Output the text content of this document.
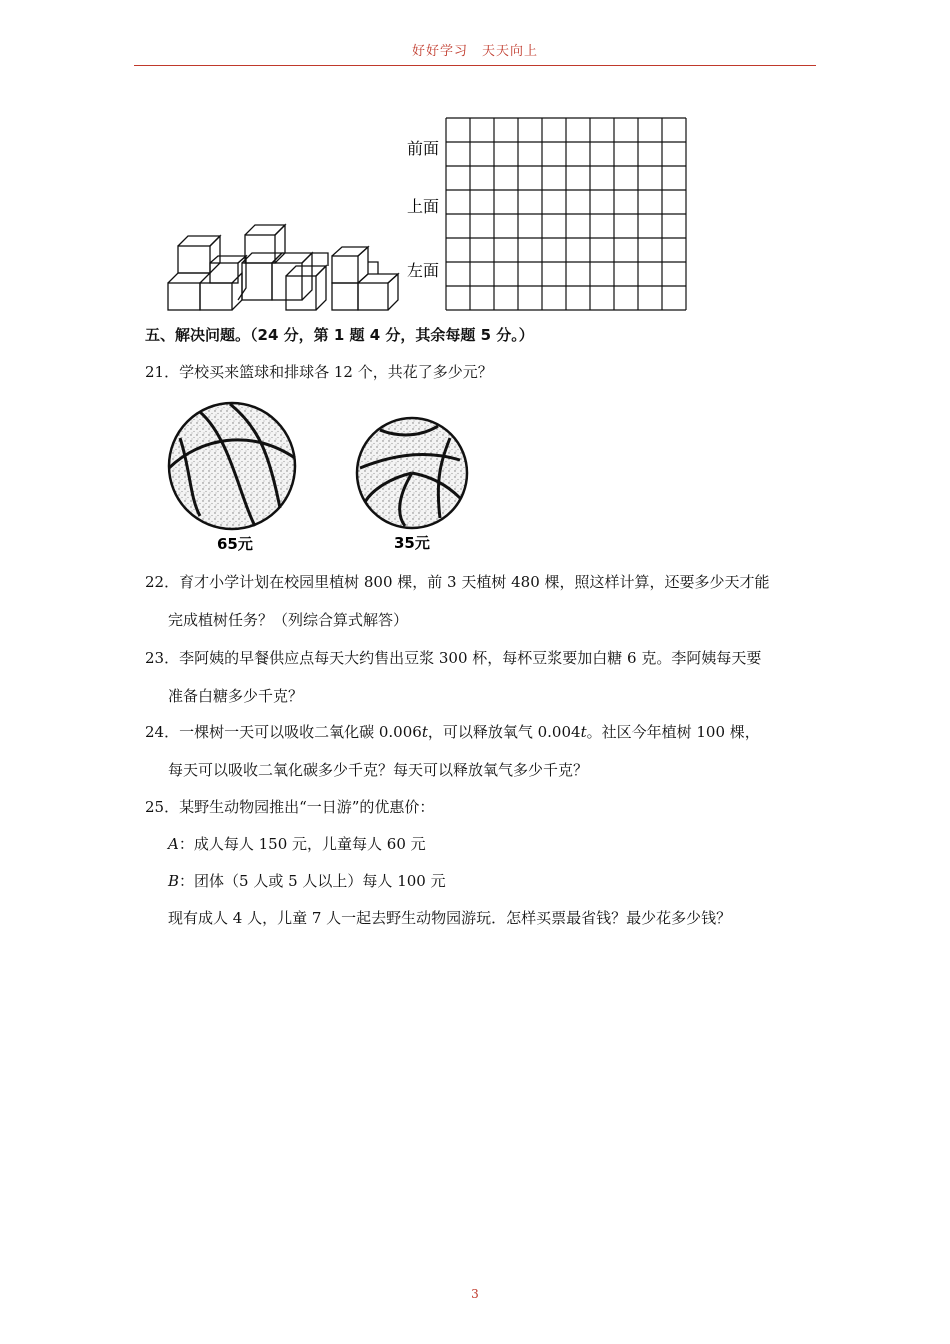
好好学习　天天向上
前面
上面
左面
五、解决问题。（24 分，第 1 题 4 分，其余每题 5 分。）
21．学校买来篮球和排球各 12 个，共花了多少元？
65元	35元
22．育才小学计划在校园里植树 800 棵，前 3 天植树 480 棵，照这样计算，还要多少天才能
完成植树任务？（列综合算式解答）
23．李阿姨的早餐供应点每天大约售出豆浆 300 杯，每杯豆浆要加白糖 6 克。李阿姨每天要
准备白糖多少千克？
24．一棵树一天可以吸收二氧化碳 0.006t，可以释放氧气 0.004t。社区今年植树 100 棵，
每天可以吸收二氧化碳多少千克？每天可以释放氧气多少千克？
25．某野生动物园推出“一日游”的优惠价：
A：成人每人 150 元，儿童每人 60 元
B：团体（5 人或 5 人以上）每人 100 元
现有成人 4 人，儿童 7 人一起去野生动物园游玩．怎样买票最省钱？最少花多少钱？
3
